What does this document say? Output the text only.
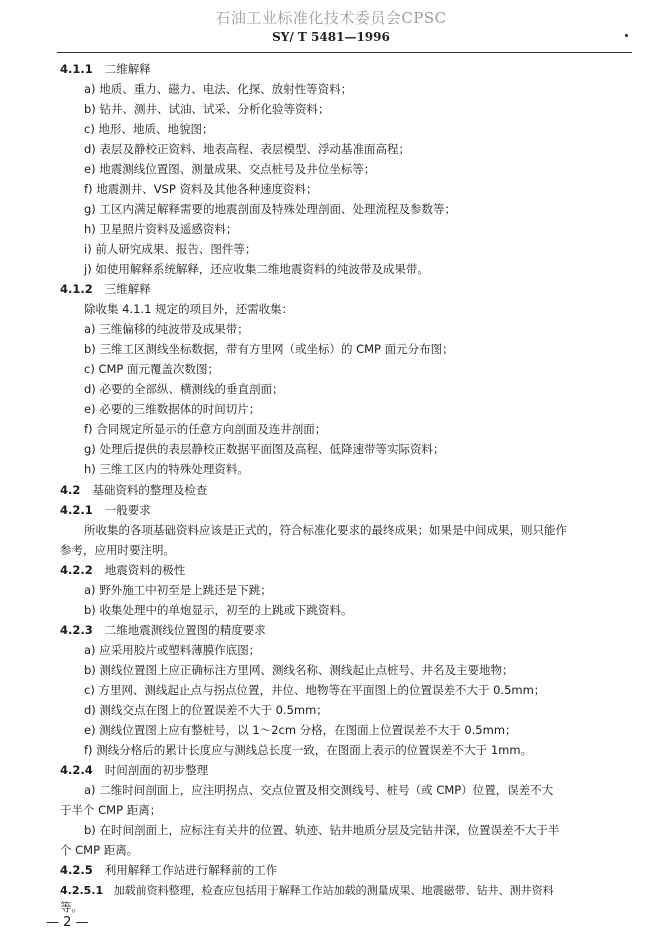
石油工业标准化技术委员会CPSC
SY/ T 5481—1996
4.1.1 二维解释
a) 地质、重力、磁力、电法、化探、放射性等资料；
b) 钻井、测井、试油、试采、分析化验等资料；
c) 地形、地质、地貌图；
d) 表层及静校正资料、地表高程、表层模型、浮动基准面高程；
e) 地震测线位置图、测量成果、交点桩号及井位坐标等；
f) 地震测井、VSP 资料及其他各种速度资料；
g) 工区内满足解释需要的地震剖面及特殊处理剖面、处理流程及参数等；
h) 卫星照片资料及遥感资料；
i) 前人研究成果、报告、图件等；
j) 如使用解释系统解释，还应收集二维地震资料的纯波带及成果带。
4.1.2 三维解释
除收集 4.1.1 规定的项目外，还需收集：
a) 三维偏移的纯波带及成果带；
b) 三维工区测线坐标数据，带有方里网（或坐标）的 CMP 面元分布图；
c) CMP 面元覆盖次数图；
d) 必要的全部纵、横测线的垂直剖面；
e) 必要的三维数据体的时间切片；
f) 合同规定所显示的任意方向剖面及连井剖面；
g) 处理后提供的表层静校正数据平面图及高程、低降速带等实际资料；
h) 三维工区内的特殊处理资料。
4.2 基础资料的整理及检查
4.2.1 一般要求
所收集的各项基础资料应该是正式的，符合标准化要求的最终成果；如果是中间成果，则只能作
参考，应用时要注明。
4.2.2 地震资料的极性
a) 野外施工中初至是上跳还是下跳；
b) 收集处理中的单炮显示，初至的上跳或下跳资料。
4.2.3 二维地震测线位置图的精度要求
a) 应采用胶片或塑料薄膜作底图；
b) 测线位置图上应正确标注方里网、测线名称、测线起止点桩号、井名及主要地物；
c) 方里网、测线起止点与拐点位置，井位、地物等在平面图上的位置误差不大于 0.5mm；
d) 测线交点在图上的位置误差不大于 0.5mm；
e) 测线位置图上应有整桩号，以 1～2cm 分格，在图面上位置误差不大于 0.5mm；
f) 测线分格后的累计长度应与测线总长度一致，在图面上表示的位置误差不大于 1mm。
4.2.4 时间剖面的初步整理
a) 二维时间剖面上，应注明拐点、交点位置及相交测线号、桩号（或 CMP）位置，误差不大
于半个 CMP 距离；
b) 在时间剖面上，应标注有关井的位置、轨迹、钻井地质分层及完钻井深，位置误差不大于半
个 CMP 距离。
4.2.5 利用解释工作站进行解释前的工作
4.2.5.1 加载前资料整理，检查应包括用于解释工作站加载的测量成果、地震磁带、钻井、测井资料
等。
— 2 —
